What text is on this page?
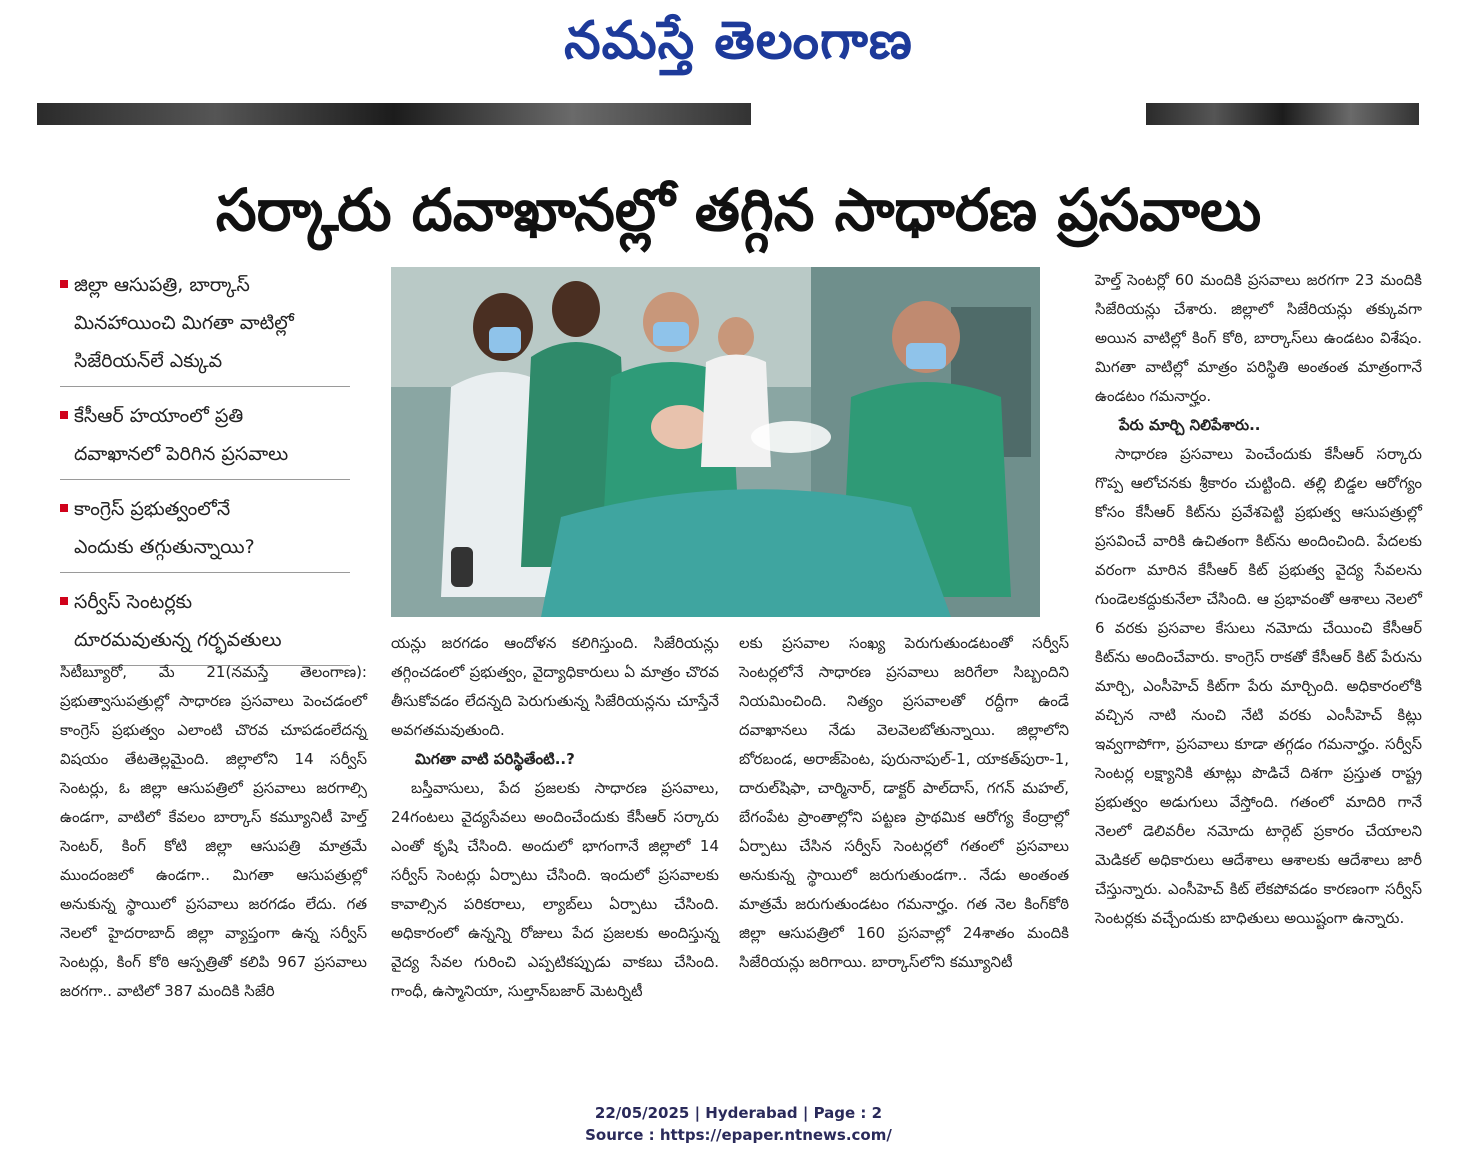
నమస్తే తెలంగాణ
సర్కారు దవాఖానల్లో తగ్గిన సాధారణ ప్రసవాలు
జిల్లా ఆసుపత్రి, బార్కాస్
మినహాయించి మిగతా వాటిల్లో
సిజేరియన్‌లే ఎక్కువ
కేసీఆర్ హయాంలో ప్రతి
దవాఖానలో పెరిగిన ప్రసవాలు
కాంగ్రెస్ ప్రభుత్వంలోనే
ఎందుకు తగ్గుతున్నాయి?
సర్వీస్ సెంటర్లకు
దూరమవుతున్న గర్భవతులు

సిటీబ్యూరో, మే 21(నమస్తే తెలంగాణ): ప్రభుత్వాసుపత్రుల్లో సాధారణ ప్రసవాలు పెంచడంలో కాంగ్రెస్ ప్రభుత్వం ఎలాంటి చొరవ చూపడంలేదన్న విషయం తేటతెల్లమైంది. జిల్లాలోని 14 సర్వీస్ సెంటర్లు, ఓ జిల్లా ఆసుపత్రిలో ప్రసవాలు జరగాల్సి ఉండగా, వాటిలో కేవలం బార్కాస్ కమ్యూనిటీ హెల్త్ సెంటర్, కింగ్ కోటి జిల్లా ఆసుపత్రి మాత్రమే ముందంజలో ఉండగా.. మిగతా ఆసుపత్రుల్లో అనుకున్న స్థాయిలో ప్రసవాలు జరగడం లేదు. గత నెలలో హైదరాబాద్ జిల్లా వ్యాప్తంగా ఉన్న సర్వీస్ సెంటర్లు, కింగ్ కోఠి ఆస్పత్రితో కలిపి 967 ప్రసవాలు జరగగా.. వాటిలో 387 మందికి సిజేరి

యన్లు జరగడం ఆందోళన కలిగిస్తుంది. సిజేరియన్లు తగ్గించడంలో ప్రభుత్వం, వైద్యాధికారులు ఏ మాత్రం చొరవ తీసుకోవడం లేదన్నది పెరుగుతున్న సిజేరియన్లను చూస్తేనే అవగతమవుతుంది.

మిగతా వాటి పరిస్థితేంటి..?

బస్తీవాసులు, పేద ప్రజలకు సాధారణ ప్రసవాలు, 24గంటలు వైద్యసేవలు అందించేందుకు కేసీఆర్ సర్కారు ఎంతో కృషి చేసింది. అందులో భాగంగానే జిల్లాలో 14 సర్వీస్ సెంటర్లు ఏర్పాటు చేసింది. ఇందులో ప్రసవాలకు కావాల్సిన పరికరాలు, ల్యాబ్‌లు ఏర్పాటు చేసింది. అధికారంలో ఉన్నన్ని రోజులు పేద ప్రజలకు అందిస్తున్న వైద్య సేవల గురించి ఎప్పటికప్పుడు వాకబు చేసింది. గాంధీ, ఉస్మానియా, సుల్తాన్‌బజార్ మెటర్నిటీ

లకు ప్రసవాల సంఖ్య పెరుగుతుండటంతో సర్వీస్ సెంటర్లలోనే సాధారణ ప్రసవాలు జరిగేలా సిబ్బందిని నియమించింది. నిత్యం ప్రసవాలతో రద్దీగా ఉండే దవాఖానలు నేడు వెలవెలబోతున్నాయి. జిల్లాలోని బోరబండ, అరాజ్‌పెంట, పురునాపుల్-1, యాకత్‌పురా-1, దారుల్‌షిఫా, చార్మినార్, డాక్టర్ పాల్‌దాస్, గగన్ మహల్, బేగంపేట ప్రాంతాల్లోని పట్టణ ప్రాథమిక ఆరోగ్య కేంద్రాల్లో ఏర్పాటు చేసిన సర్వీస్ సెంటర్లలో గతంలో ప్రసవాలు అనుకున్న స్థాయిలో జరుగుతుండగా.. నేడు అంతంత మాత్రమే జరుగుతుండటం గమనార్హం. గత నెల కింగ్‌కోఠి జిల్లా ఆసుపత్రిలో 160 ప్రసవాల్లో 24శాతం మందికి సిజేరియన్లు జరిగాయి. బార్కాస్‌లోని కమ్యూనిటీ

హెల్త్ సెంటర్లో 60 మందికి ప్రసవాలు జరగగా 23 మందికి సిజేరియన్లు చేశారు. జిల్లాలో సిజేరియన్లు తక్కువగా అయిన వాటిల్లో కింగ్ కోఠి, బార్కాస్‌లు ఉండటం విశేషం. మిగతా వాటిల్లో మాత్రం పరిస్థితి అంతంత మాత్రంగానే ఉండటం గమనార్హం.

పేరు మార్చి నిలిపేశారు..

సాధారణ ప్రసవాలు పెంచేందుకు కేసీఆర్ సర్కారు గొప్ప ఆలోచనకు శ్రీకారం చుట్టింది. తల్లి బిడ్డల ఆరోగ్యం కోసం కేసీఆర్ కిట్‌ను ప్రవేశపెట్టి ప్రభుత్వ ఆసుపత్రుల్లో ప్రసవించే వారికి ఉచితంగా కిట్‌ను అందించింది. పేదలకు వరంగా మారిన కేసీఆర్ కిట్ ప్రభుత్వ వైద్య సేవలను గుండెలకద్దుకునేలా చేసింది. ఆ ప్రభావంతో ఆశాలు నెలలో 6 వరకు ప్రసవాల కేసులు నమోదు చేయించి కేసీఆర్ కిట్‌ను అందించేవారు. కాంగ్రెస్ రాకతో కేసీఆర్ కిట్ పేరును మార్చి, ఎంసీహెచ్ కిట్‌గా పేరు మార్చింది. అధికారంలోకి వచ్చిన నాటి నుంచి నేటి వరకు ఎంసీహెచ్ కిట్లు ఇవ్వగాపోగా, ప్రసవాలు కూడా తగ్గడం గమనార్హం. సర్వీస్ సెంటర్ల లక్ష్యానికి తూట్లు పొడిచే దిశగా ప్రస్తుత రాష్ట్ర ప్రభుత్వం అడుగులు వేస్తోంది. గతంలో మాదిరి గానే నెలలో డెలివరీల నమోదు టార్గెట్ ప్రకారం చేయాలని మెడికల్ అధికారులు ఆదేశాలు ఆశాలకు ఆదేశాలు జారీ చేస్తున్నారు. ఎంసీహెచ్ కిట్ లేకపోవడం కారణంగా సర్వీస్ సెంటర్లకు వచ్చేందుకు బాధితులు అయిష్టంగా ఉన్నారు.

22/05/2025 | Hyderabad | Page : 2
Source : https://epaper.ntnews.com/
